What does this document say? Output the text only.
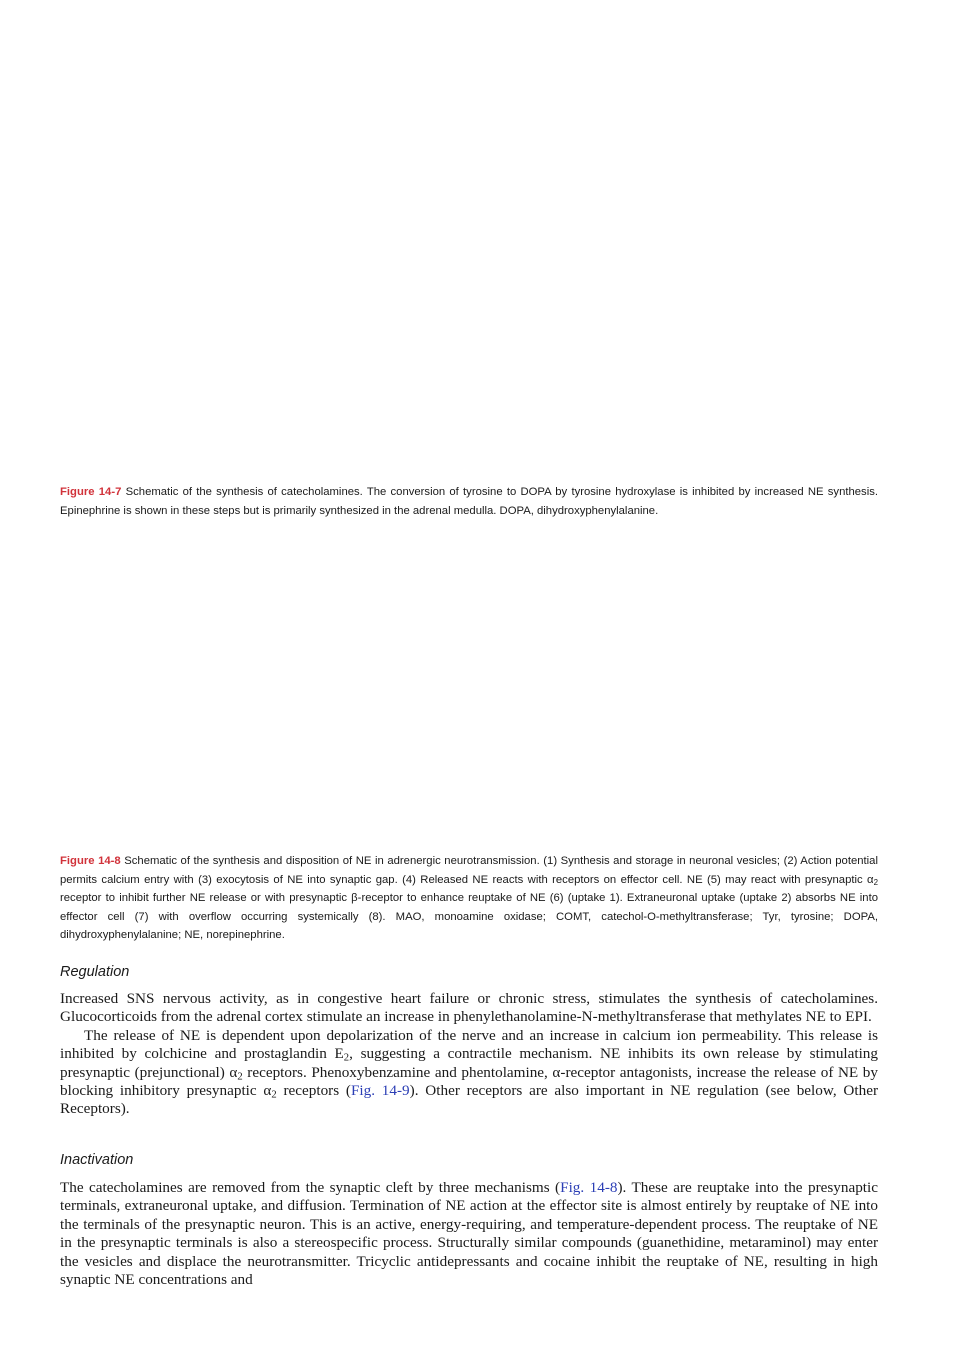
Figure 14-7 Schematic of the synthesis of catecholamines. The conversion of tyrosine to DOPA by tyrosine hydroxylase is inhibited by increased NE synthesis. Epinephrine is shown in these steps but is primarily synthesized in the adrenal medulla. DOPA, dihydroxyphenylalanine.
Figure 14-8 Schematic of the synthesis and disposition of NE in adrenergic neurotransmission. (1) Synthesis and storage in neuronal vesicles; (2) Action potential permits calcium entry with (3) exocytosis of NE into synaptic gap. (4) Released NE reacts with receptors on effector cell. NE (5) may react with presynaptic $\alpha_2$ receptor to inhibit further NE release or with presynaptic β-receptor to enhance reuptake of NE (6) (uptake 1). Extraneuronal uptake (uptake 2) absorbs NE into effector cell (7) with overflow occurring systemically (8). MAO, monoamine oxidase; COMT, catechol-O-methyltransferase; Tyr, tyrosine; DOPA, dihydroxyphenylalanine; NE, norepinephrine.
Regulation

Increased SNS nervous activity, as in congestive heart failure or chronic stress, stimulates the synthesis of catecholamines. Glucocorticoids from the adrenal cortex stimulate an increase in phenylethanolamine-N-methyltransferase that methylates NE to EPI.

The release of NE is dependent upon depolarization of the nerve and an increase in calcium ion permeability. This release is inhibited by colchicine and prostaglandin $E_2$, suggesting a contractile mechanism. NE inhibits its own release by stimulating presynaptic (prejunctional) $\alpha_2$ receptors. Phenoxybenzamine and phentolamine, α-receptor antagonists, increase the release of NE by blocking inhibitory presynaptic $\alpha_2$ receptors (Fig. 14-9). Other receptors are also important in NE regulation (see below, Other Receptors).

Inactivation

The catecholamines are removed from the synaptic cleft by three mechanisms (Fig. 14-8). These are reuptake into the presynaptic terminals, extraneuronal uptake, and diffusion. Termination of NE action at the effector site is almost entirely by reuptake of NE into the terminals of the presynaptic neuron. This is an active, energy-requiring, and temperature-dependent process. The reuptake of NE in the presynaptic terminals is also a stereospecific process. Structurally similar compounds (guanethidine, metaraminol) may enter the vesicles and displace the neurotransmitter. Tricyclic antidepressants and cocaine inhibit the reuptake of NE, resulting in high synaptic NE concentrations and
